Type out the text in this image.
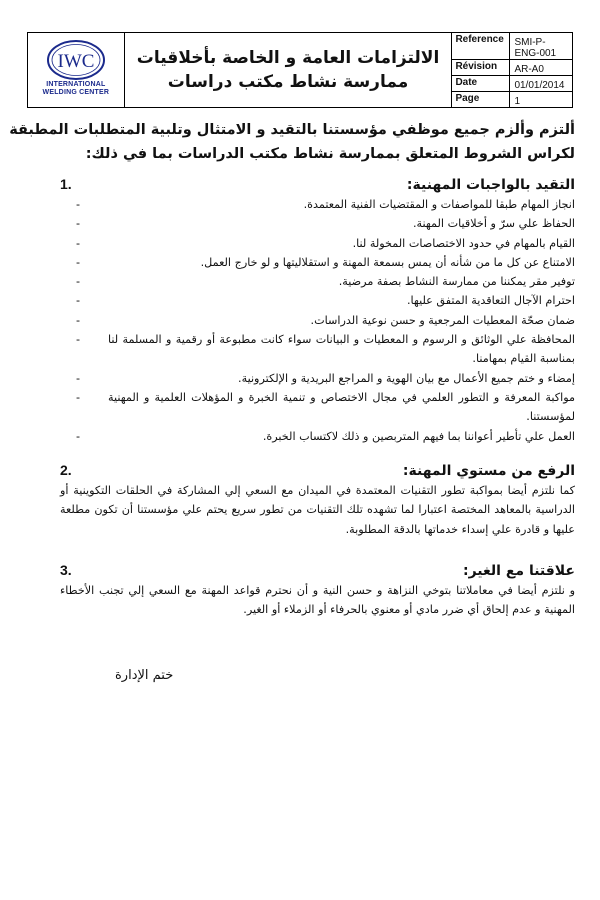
IWC
INTERNATIONAL
WELDING CENTER
الالتزامات العامة و الخاصة بأخلاقيات
ممارسة نشاط مكتب دراسات
Reference	SMI-P-ENG-001
Révision	AR-A0
Date	01/01/2014
Page	1
ألتزم وألزم جميع موظفي مؤسستنا بالتقيد و الامتثال وتلبية المتطلبات المطبقة
لكراس الشروط المتعلق بممارسة نشاط مكتب الدراسات بما في ذلك:
التقيد بالواجبات المهنية:
1.
انجاز المهام طبقا للمواصفات و المقتضيات الفنية المعتمدة.
-
الحفاظ علي سرّ و أخلاقيات المهنة.
-
القيام بالمهام في حدود الاختصاصات المخولة لنا.
-
الامتناع عن كل ما من شأنه أن يمس بسمعة المهنة و استقلاليتها و لو خارج العمل.
-
توفير مقر يمكننا من ممارسة النشاط بصفة مرضية.
-
احترام الآجال التعاقدية المتفق عليها.
-
ضمان صحّة المعطيات المرجعية و حسن نوعية الدراسات.
-
المحافظة علي الوثائق و الرسوم و المعطيات و البيانات سواء كانت مطبوعة أو رقمية و المسلمة لنا بمناسبة القيام بمهامنا.
-
إمضاء و ختم جميع الأعمال مع بيان الهوية و المراجع البريدية و الإلكترونية.
-
مواكبة المعرفة و التطور العلمي في مجال الاختصاص و تنمية الخبرة و المؤهلات العلمية و المهنية لمؤسستنا.
-
العمل علي تأطير أعواننا بما فيهم المتربصين و ذلك لاكتساب الخبرة.
-
الرفع من مستوي المهنة:
2.
كما نلتزم أيضا بمواكبة تطور التقنيات المعتمدة في الميدان مع السعي إلي المشاركة في الحلقات التكوينية أو الدراسية بالمعاهد المختصة اعتبارا لما تشهده تلك التقنيات من تطور سريع يحتم علي مؤسستنا أن تكون مطلعة عليها و قادرة علي إسداء خدماتها بالدقة المطلوبة.
علاقتنا مع الغير:
3.
و نلتزم أيضا في معاملاتنا بتوخي النزاهة و حسن النية و أن نحترم قواعد المهنة مع السعي إلي تجنب الأخطاء المهنية و عدم إلحاق أي ضرر مادي أو معنوي بالحرفاء أو الزملاء أو الغير.
ختم الإدارة
